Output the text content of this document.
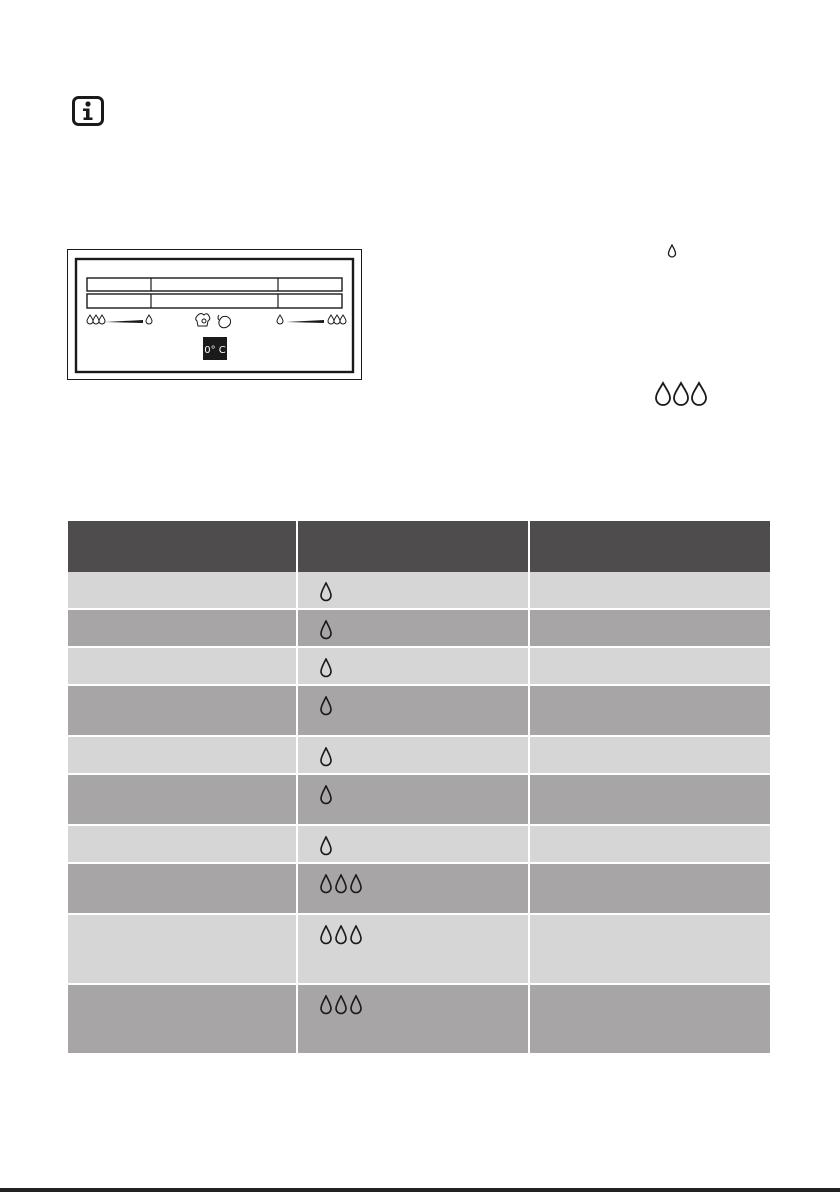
0° C
